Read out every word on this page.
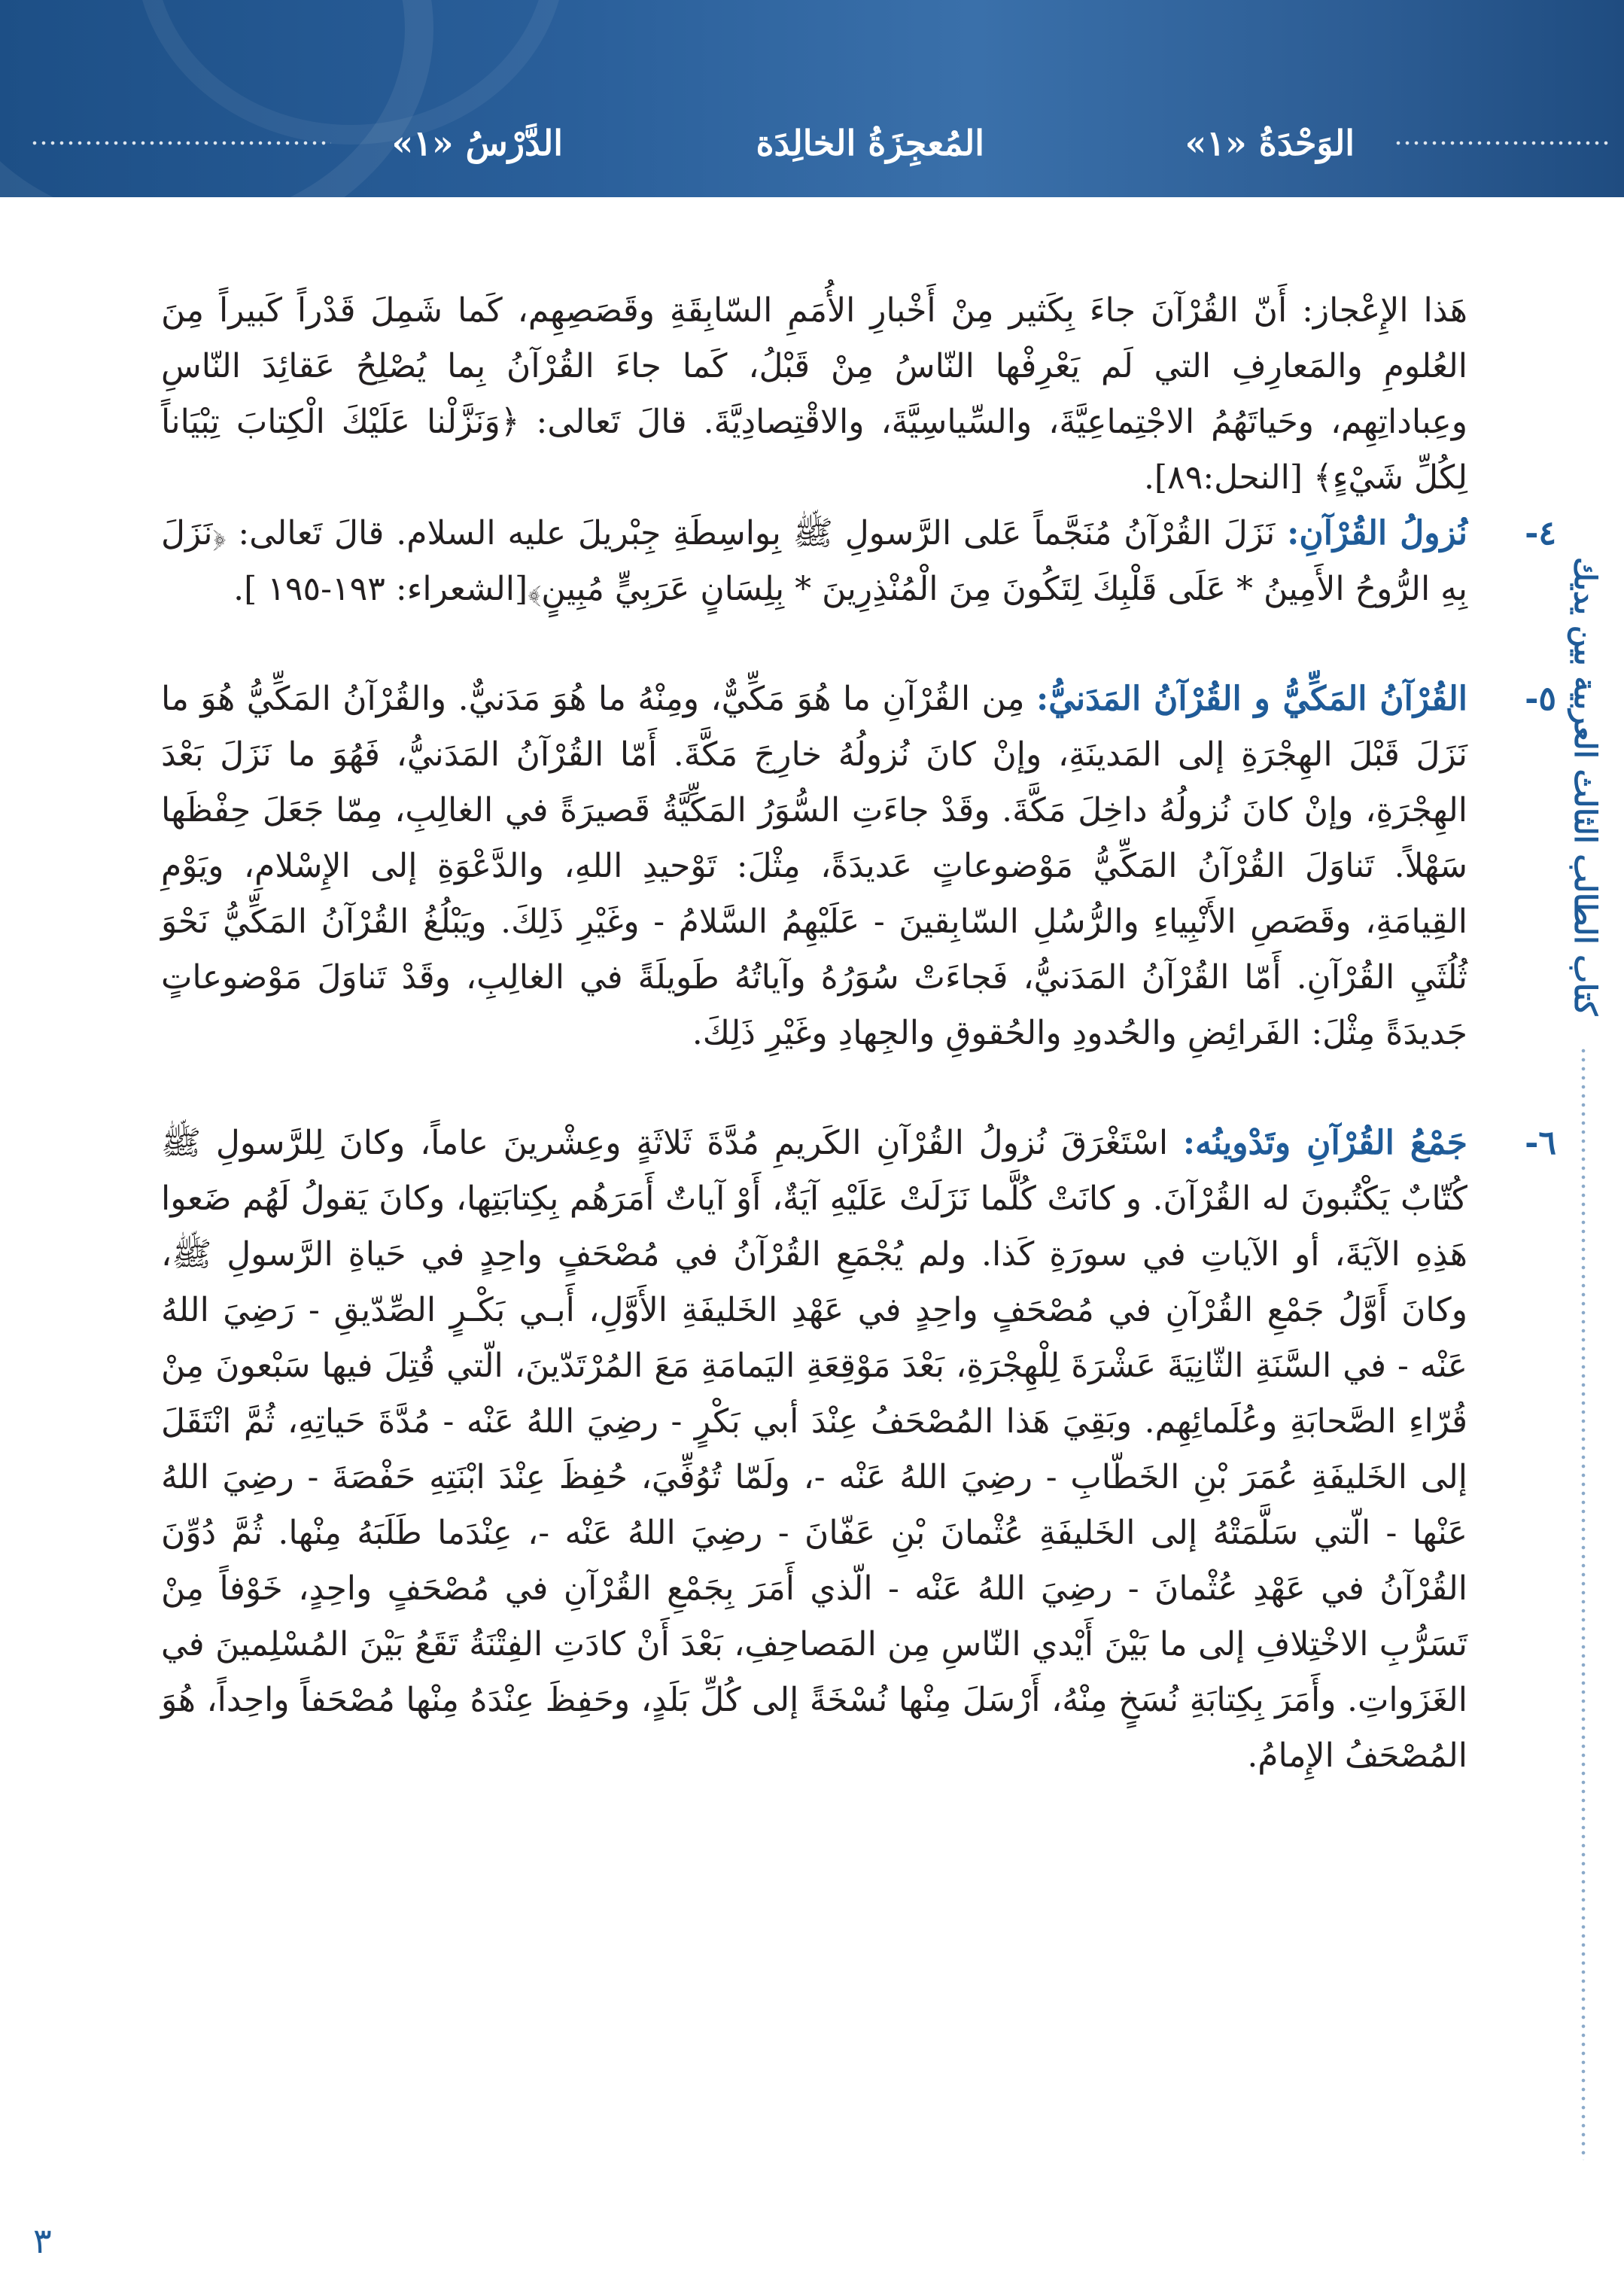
الوَحْدَةُ «١»
المُعجِزَةُ الخالِدَة
الدَّرْسُ «١»
كتاب الطالب الثالث العربية بين يديك

هَذا الإِعْجاز: أَنّ القُرْآنَ جاءَ بِكَثير مِنْ أَخْبارِ الأُمَمِ السّابِقَةِ وقَصَصِهِم، كَما شَمِلَ قَدْراً كَبيراً مِنَ العُلومِ والمَعارِفِ التي لَم يَعْرِفْها النّاسُ مِنْ قَبْلُ، كَما جاءَ القُرْآنُ بِما يُصْلِحُ عَقائِدَ النّاسِ وعِباداتِهِم، وحَياتَهُمُ الاجْتِماعِيَّةَ، والسِّياسِيَّةَ، والاقْتِصادِيَّةَ. قالَ تَعالى: ﴿وَنَزَّلْنا عَلَيْكَ الْكِتابَ تِبْيَاناً لِكُلِّ شَيْءٍ﴾ [النحل:٨٩].

٤-

نُزولُ القُرْآنِ: نَزَلَ القُرْآنُ مُنَجَّماً عَلى الرَّسولِ ﷺ بِواسِطَةِ جِبْريلَ عليه السلام. قالَ تَعالى: ﴿نَزَلَ بِهِ الرُّوحُ الأَمِينُ * عَلَى قَلْبِكَ لِتَكُونَ مِنَ الْمُنْذِرِينَ * بِلِسَانٍ عَرَبِيٍّ مُبِينٍ﴾[الشعراء: ١٩٣-١٩٥ ].

٥-

القُرْآنُ المَكِّيُّ و القُرْآنُ المَدَنيُّ: مِن القُرْآنِ ما هُوَ مَكِّيٌّ، ومِنْهُ ما هُوَ مَدَنيٌّ. والقُرْآنُ المَكِّيُّ هُوَ ما نَزَلَ قَبْلَ الهِجْرَةِ إلى المَدينَةِ، وإنْ كانَ نُزولُهُ خارِجَ مَكَّةَ. أَمّا القُرْآنُ المَدَنيُّ، فَهُوَ ما نَزَلَ بَعْدَ الهِجْرَةِ، وإنْ كانَ نُزولُهُ داخِلَ مَكَّةَ. وقَدْ جاءَتِ السُّوَرُ المَكِّيَّةُ قَصيرَةً في الغالِبِ، مِمّا جَعَلَ حِفْظَها سَهْلاً. تَناوَلَ القُرْآنُ المَكِّيُّ مَوْضوعاتٍ عَديدَةً، مِثْلَ: تَوْحيدِ اللهِ، والدَّعْوَةِ إلى الإِسْلامِ، ويَوْمِ القِيامَةِ، وقَصَصِ الأَنْبِياءِ والرُّسُلِ السّابِقينَ - عَلَيْهِمُ السَّلامُ - وغَيْرِ ذَلِكَ. ويَبْلُغُ القُرْآنُ المَكِّيُّ نَحْوَ ثُلُثَيِ القُرْآنِ. أَمّا القُرْآنُ المَدَنيُّ، فَجاءَتْ سُوَرُهُ وآياتُهُ طَويلَةً في الغالِبِ، وقَدْ تَناوَلَ مَوْضوعاتٍ جَديدَةً مِثْلَ: الفَرائِضِ والحُدودِ والحُقوقِ والجِهادِ وغَيْرِ ذَلِكَ.

٦-

جَمْعُ القُرْآنِ وتَدْوينُه: اسْتَغْرَقَ نُزولُ القُرْآنِ الكَريمِ مُدَّةَ ثَلاثَةٍ وعِشْرينَ عاماً، وكانَ لِلرَّسولِ ﷺ كُتّابٌ يَكْتُبونَ له القُرْآنَ. و كانَتْ كُلَّما نَزَلَتْ عَلَيْهِ آيَةٌ، أَوْ آياتٌ أَمَرَهُم بِكِتابَتِها، وكانَ يَقولُ لَهُم ضَعوا هَذِهِ الآيَةَ، أو الآياتِ في سورَةِ كَذا. ولم يُجْمَعِ القُرْآنُ في مُصْحَفٍ واحِدٍ في حَياةِ الرَّسولِ ﷺ، وكانَ أَوَّلُ جَمْعِ القُرْآنِ في مُصْحَفٍ واحِدٍ في عَهْدِ الخَليفَةِ الأَوَّلِ، أَبـي بَكْـرٍ الصِّدّيقِ - رَضِيَ اللهُ عَنْه - في السَّنَةِ الثّانِيَةَ عَشْرَةَ لِلْهِجْرَةِ، بَعْدَ مَوْقِعَةِ اليَمامَةِ مَعَ المُرْتَدّينَ، الّتي قُتِلَ فيها سَبْعونَ مِنْ قُرّاءِ الصَّحابَةِ وعُلَمائِهِم. وبَقِيَ هَذا المُصْحَفُ عِنْدَ أبي بَكْرٍ - رضِيَ اللهُ عَنْه - مُدَّةَ حَياتِهِ، ثُمَّ انْتَقَلَ إلى الخَليفَةِ عُمَرَ بْنِ الخَطّابِ - رضِيَ اللهُ عَنْه -، ولَمّا تُوُفِّيَ، حُفِظَ عِنْدَ ابْنَتِهِ حَفْصَةَ - رضِيَ اللهُ عَنْها - الّتي سَلَّمَتْهُ إلى الخَليفَةِ عُثْمانَ بْنِ عَفّانَ - رضِيَ اللهُ عَنْه -، عِنْدَما طَلَبَهُ مِنْها. ثُمَّ دُوِّنَ القُرْآنُ في عَهْدِ عُثْمانَ - رضِيَ اللهُ عَنْه - الّذي أَمَرَ بِجَمْعِ القُرْآنِ في مُصْحَفٍ واحِدٍ، خَوْفاً مِنْ تَسَرُّبِ الاخْتِلافِ إلى ما بَيْنَ أَيْدي النّاسِ مِن المَصاحِفِ، بَعْدَ أَنْ كادَتِ الفِتْنَةُ تَقَعُ بَيْنَ المُسْلِمينَ في الغَزَواتِ. وأَمَرَ بِكِتابَةِ نُسَخٍ مِنْهُ، أَرْسَلَ مِنْها نُسْخَةً إلى كُلِّ بَلَدٍ، وحَفِظَ عِنْدَهُ مِنْها مُصْحَفاً واحِداً، هُوَ المُصْحَفُ الإِمامُ.

٣
